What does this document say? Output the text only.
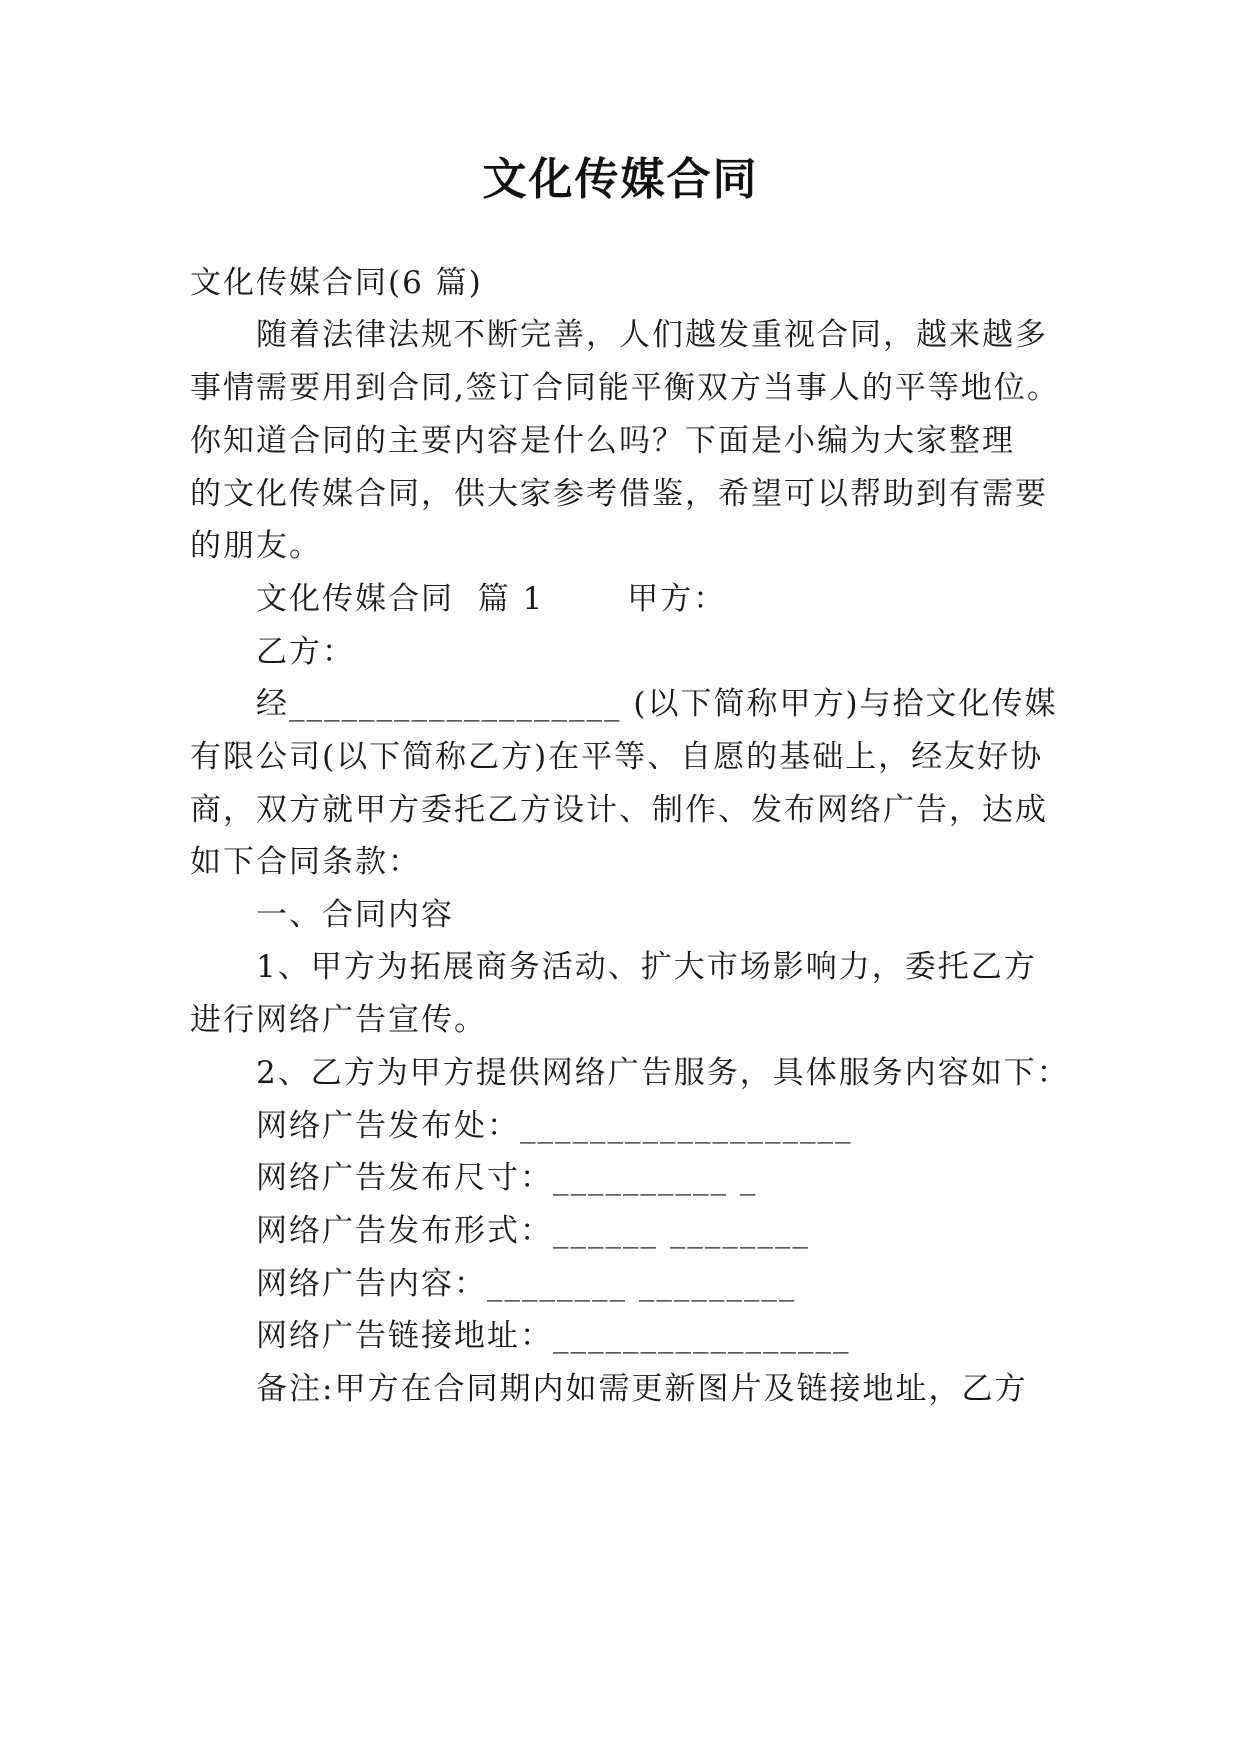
文化传媒合同
文化传媒合同(6 篇)
随着法律法规不断完善，人们越发重视合同，越来越多
事情需要用到合同,签订合同能平衡双方当事人的平等地位。
你知道合同的主要内容是什么吗？下面是小编为大家整理
的文化传媒合同，供大家参考借鉴，希望可以帮助到有需要
的朋友。
文化传媒合同  篇 1       甲方：
乙方：
经___________________ (以下简称甲方)与拾文化传媒
有限公司(以下简称乙方)在平等、自愿的基础上，经友好协
商，双方就甲方委托乙方设计、制作、发布网络广告，达成
如下合同条款：
一、合同内容
1、甲方为拓展商务活动、扩大市场影响力，委托乙方
进行网络广告宣传。
2、乙方为甲方提供网络广告服务，具体服务内容如下：
网络广告发布处：___________________
网络广告发布尺寸：__________ _
网络广告发布形式：______ ________
网络广告内容：________ _________
网络广告链接地址：_________________
备注:甲方在合同期内如需更新图片及链接地址，乙方
